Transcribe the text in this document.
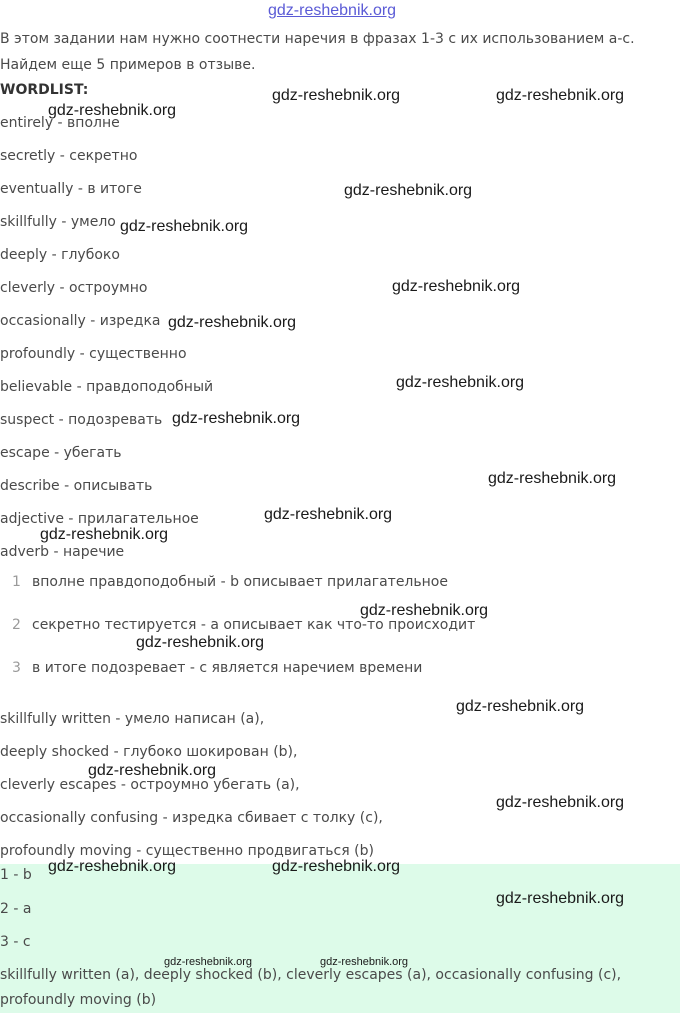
gdz-reshebnik.org
В этом задании нам нужно соотнести наречия в фразах 1-3 с их использованием a-c.
Найдем еще 5 примеров в отзыве.
WORDLIST:
entirely - вполне
secretly - секретно
eventually - в итоге
skillfully - умело
deeply - глубоко
cleverly - остроумно
occasionally - изредка
profoundly - существенно
believable - правдоподобный
suspect - подозревать
escape - убегать
describe - описывать
adjective - прилагательное
adverb - наречие
1 вполне правдоподобный - b описывает прилагательное
2 секретно тестируется - a описывает как что-то происходит
3 в итоге подозревает - c является наречием времени
skillfully written - умело написан (a),
deeply shocked - глубоко шокирован (b),
cleverly escapes - остроумно убегать (a),
occasionally confusing - изредка сбивает с толку (c),
profoundly moving - существенно продвигаться (b)
1 - b
2 - a
3 - c
skillfully written (a), deeply shocked (b), cleverly escapes (a), occasionally confusing (c),
profoundly moving (b)
gdz-reshebnik.org	gdz-reshebnik.org
gdz-reshebnik.org
gdz-reshebnik.org
gdz-reshebnik.org
gdz-reshebnik.org
gdz-reshebnik.org
gdz-reshebnik.org
gdz-reshebnik.org
gdz-reshebnik.org
gdz-reshebnik.org
gdz-reshebnik.org
gdz-reshebnik.org
gdz-reshebnik.org
gdz-reshebnik.org
gdz-reshebnik.org
gdz-reshebnik.org
gdz-reshebnik.org	gdz-reshebnik.org
gdz-reshebnik.org
gdz-reshebnik.org	gdz-reshebnik.org
